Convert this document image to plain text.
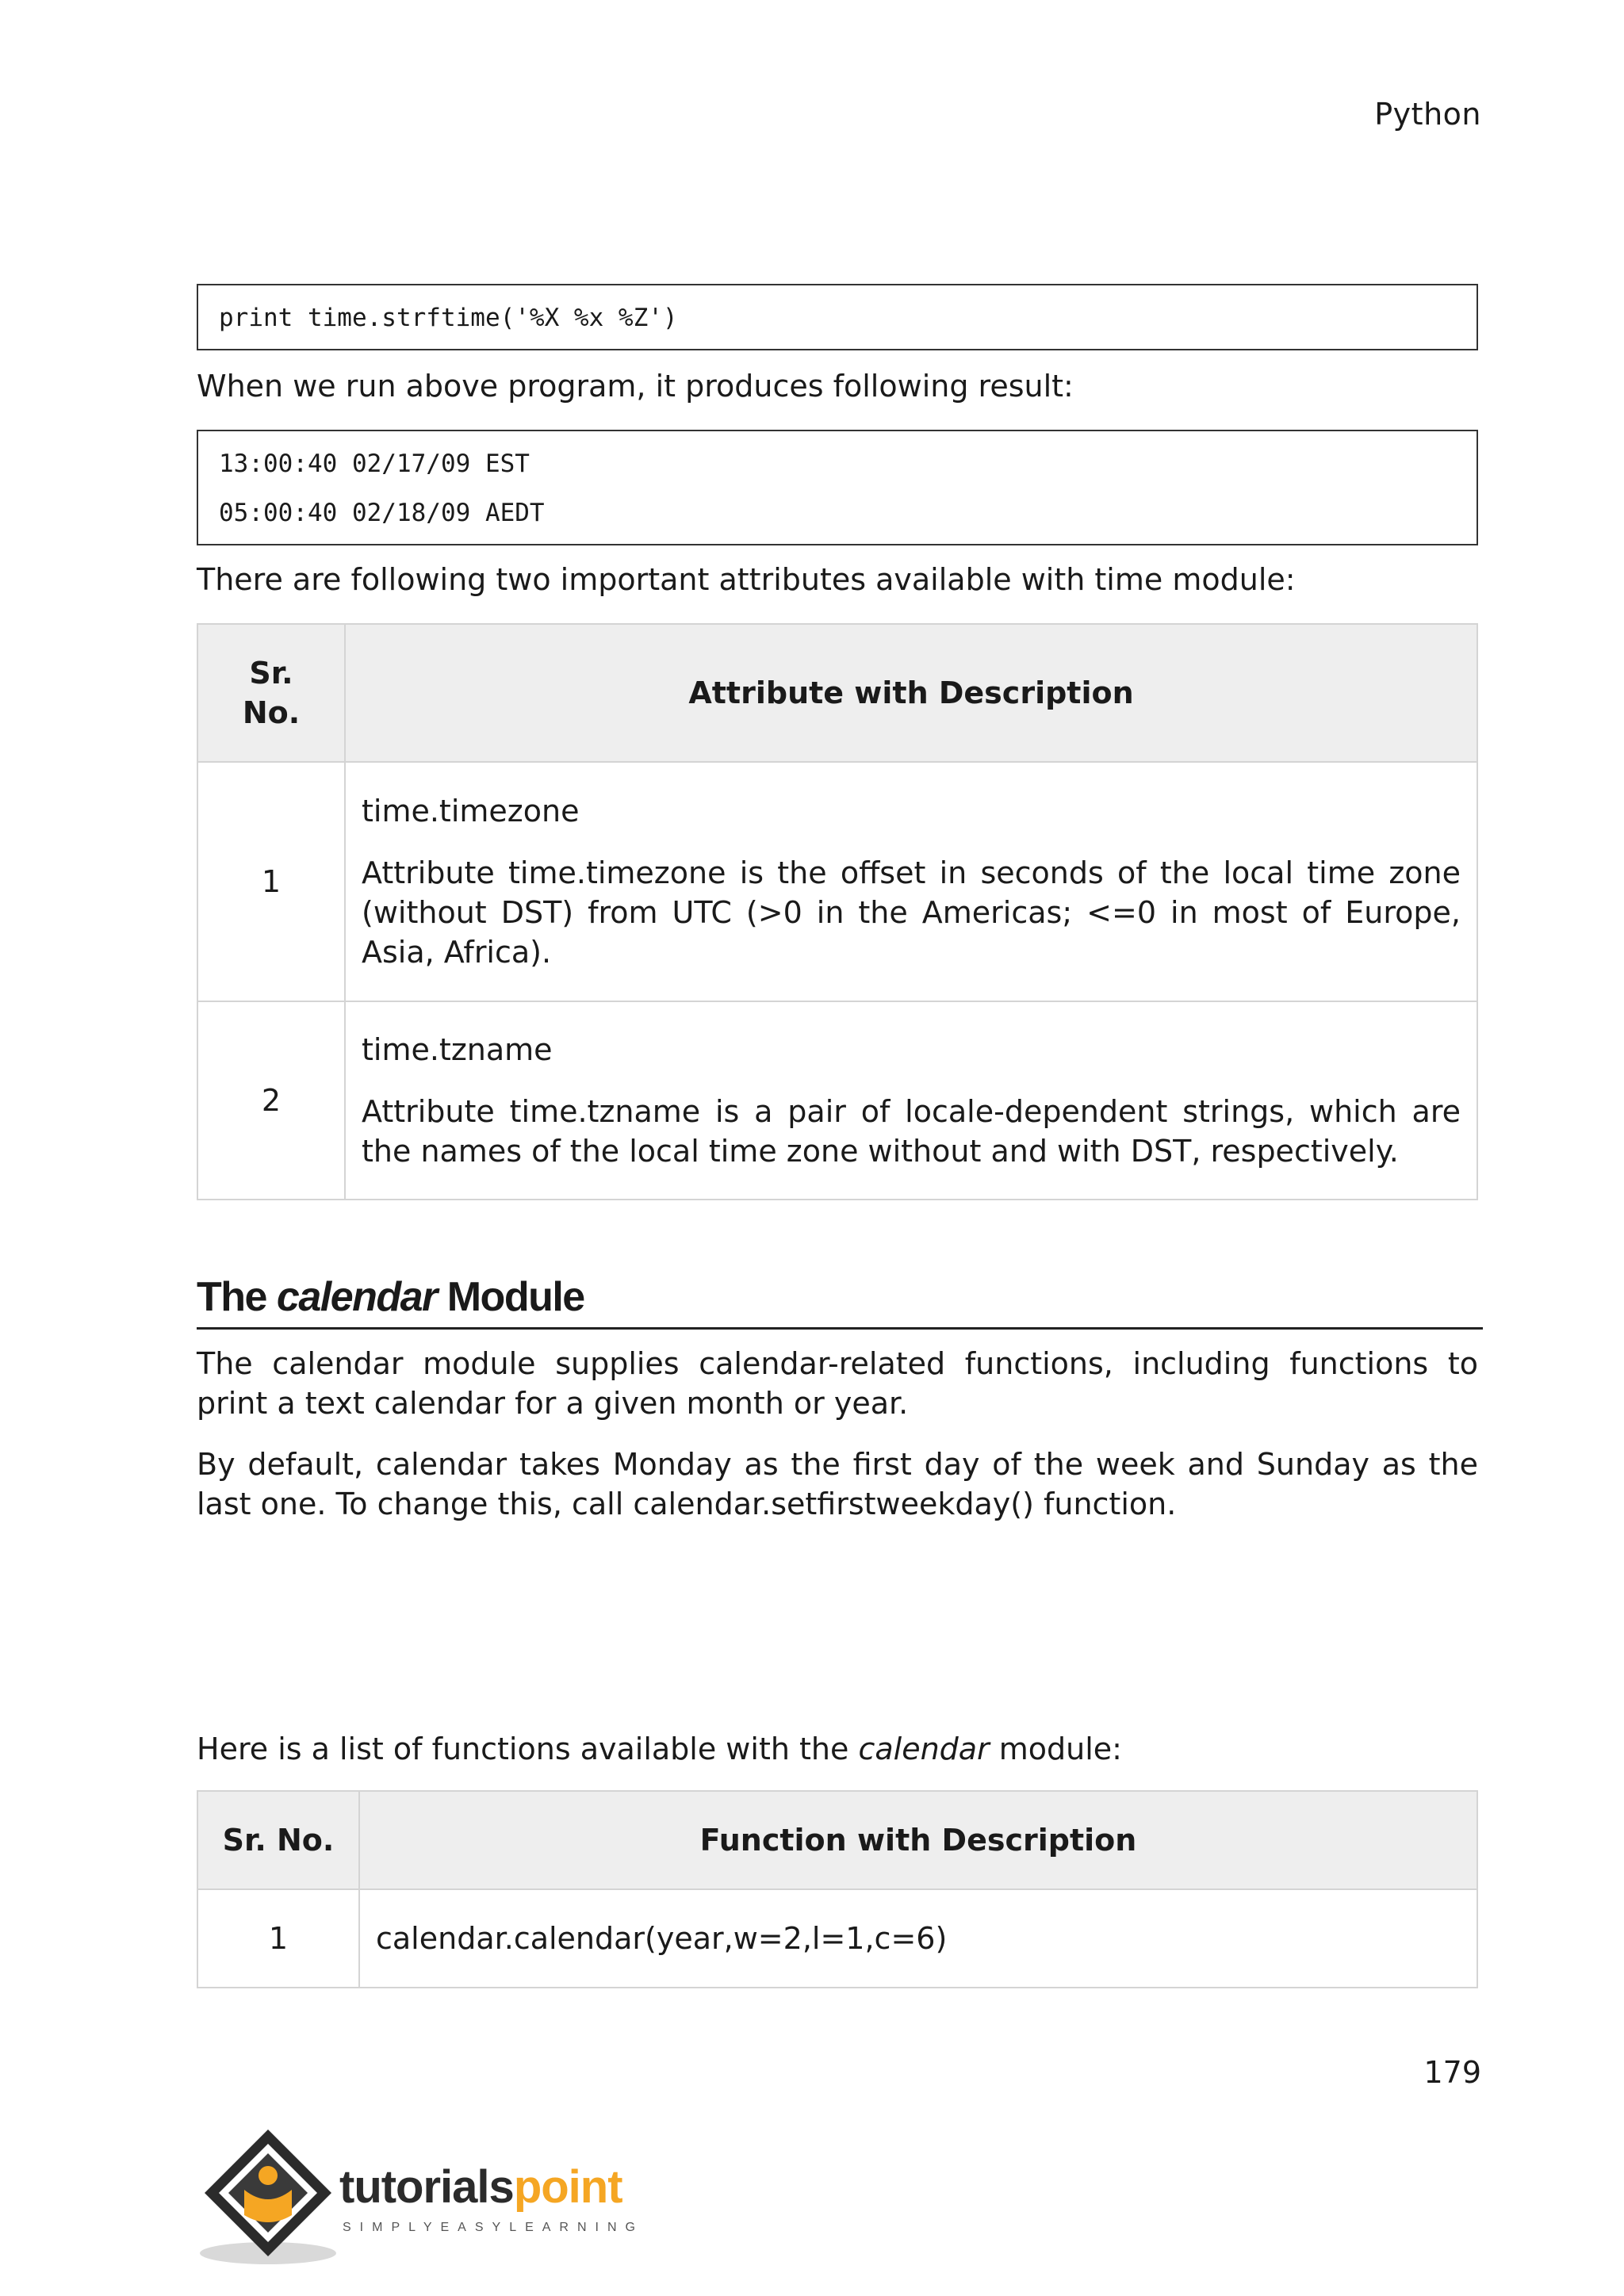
Python
print time.strftime('%X %x %Z')
When we run above program, it produces following result:
13:00:40 02/17/09 EST
05:00:40 02/18/09 AEDT
There are following two important attributes available with time module:
Sr. No.	Attribute with Description
1	time.timezone
Attribute time.timezone is the offset in seconds of the local time zone (without DST) from UTC (>0 in the Americas; <=0 in most of Europe, Asia, Africa).

2	time.tzname
Attribute time.tzname is a pair of locale-dependent strings, which are the names of the local time zone without and with DST, respectively.
The calendar Module
The calendar module supplies calendar-related functions, including functions to print a text calendar for a given month or year.
By default, calendar takes Monday as the first day of the week and Sunday as the last one. To change this, call calendar.setfirstweekday() function.
Here is a list of functions available with the calendar module:
Sr. No.	Function with Description
1	calendar.calendar(year,w=2,l=1,c=6)
179
tutorialspoint
SIMPLYEASYLEARNING
